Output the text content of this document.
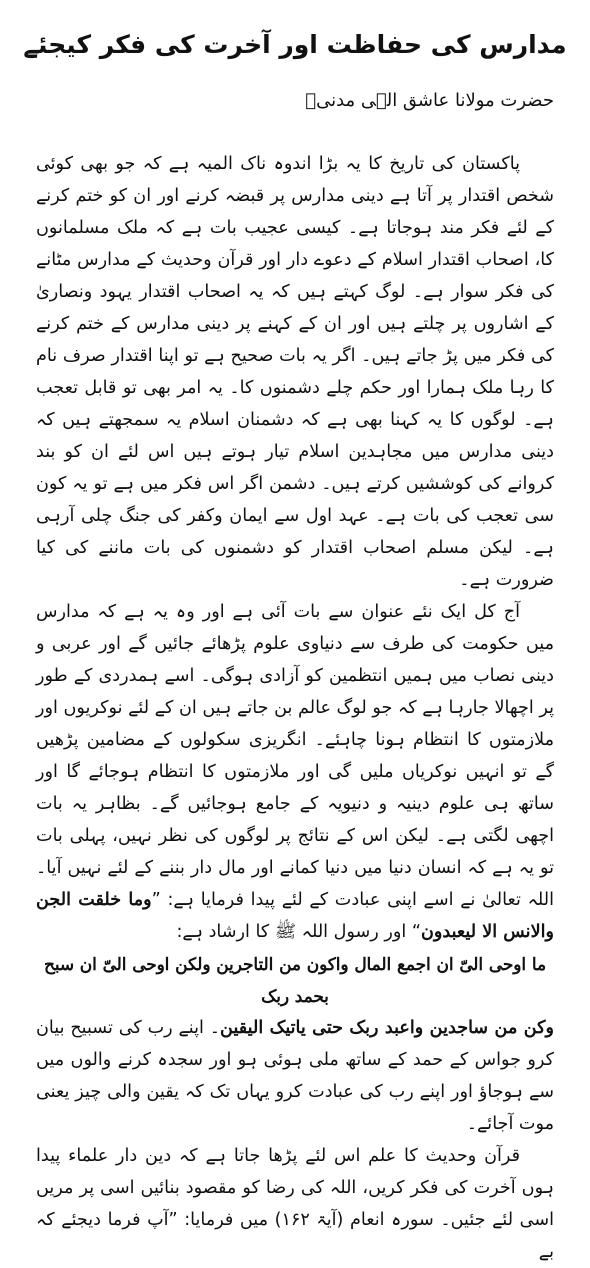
مدارس کی حفاظت اور آخرت کی فکر کیجئے
حضرت مولانا عاشق الہی مدنیؒ

پاکستان کی تاریخ کا یہ بڑا اندوہ ناک المیہ ہے کہ جو بھی کوئی شخص اقتدار پر آتا ہے دینی مدارس پر قبضہ کرنے اور ان کو ختم کرنے کے لئے فکر مند ہوجاتا ہے۔ کیسی عجیب بات ہے کہ ملک مسلمانوں کا، اصحاب اقتدار اسلام کے دعوے دار اور قرآن وحدیث کے مدارس مٹانے کی فکر سوار ہے۔ لوگ کہتے ہیں کہ یہ اصحاب اقتدار یہود ونصاریٰ کے اشاروں پر چلتے ہیں اور ان کے کہنے پر دینی مدارس کے ختم کرنے کی فکر میں پڑ جاتے ہیں۔ اگر یہ بات صحیح ہے تو اپنا اقتدار صرف نام کا رہا ملک ہمارا اور حکم چلے دشمنوں کا۔ یہ امر بھی تو قابل تعجب ہے۔ لوگوں کا یہ کہنا بھی ہے کہ دشمنان اسلام یہ سمجھتے ہیں کہ دینی مدارس میں مجاہدین اسلام تیار ہوتے ہیں اس لئے ان کو بند کروانے کی کوششیں کرتے ہیں۔ دشمن اگر اس فکر میں ہے تو یہ کون سی تعجب کی بات ہے۔ عہد اول سے ایمان وکفر کی جنگ چلی آرہی ہے۔ لیکن مسلم اصحاب اقتدار کو دشمنوں کی بات ماننے کی کیا ضرورت ہے۔

آج کل ایک نئے عنوان سے بات آئی ہے اور وہ یہ ہے کہ مدارس میں حکومت کی طرف سے دنیاوی علوم پڑھائے جائیں گے اور عربی و دینی نصاب میں ہمیں انتظمین کو آزادی ہوگی۔ اسے ہمدردی کے طور پر اچھالا جارہا ہے کہ جو لوگ عالم بن جاتے ہیں ان کے لئے نوکریوں اور ملازمتوں کا انتظام ہونا چاہئے۔ انگریزی سکولوں کے مضامین پڑھیں گے تو انہیں نوکریاں ملیں گی اور ملازمتوں کا انتظام ہوجائے گا اور ساتھ ہی علوم دینیہ و دنیویہ کے جامع ہوجائیں گے۔ بظاہر یہ بات اچھی لگتی ہے۔ لیکن اس کے نتائج پر لوگوں کی نظر نہیں، پہلی بات تو یہ ہے کہ انسان دنیا میں دنیا کمانے اور مال دار بننے کے لئے نہیں آیا۔ اللہ تعالیٰ نے اسے اپنی عبادت کے لئے پیدا فرمایا ہے: ”وما خلقت الجن والانس الا لیعبدون“ اور رسول اللہ ﷺ کا ارشاد ہے:

ما اوحی الیّ ان اجمع المال واکون من التاجرین ولکن اوحی الیّ ان سبح بحمد ربک

وکن من ساجدین واعبد ربک حتی یاتیک الیقین۔ اپنے رب کی تسبیح بیان کرو جواس کے حمد کے ساتھ ملی ہوئی ہو اور سجدہ کرنے والوں میں سے ہوجاؤ اور اپنے رب کی عبادت کرو یہاں تک کہ یقین والی چیز یعنی موت آجائے۔

قرآن وحدیث کا علم اس لئے پڑھا جاتا ہے کہ دین دار علماء پیدا ہوں آخرت کی فکر کریں، اللہ کی رضا کو مقصود بنائیں اسی پر مریں اسی لئے جئیں۔ سورہ انعام (آیۃ ۱۶۲) میں فرمایا: ”آپ فرما دیجئے کہ بے
